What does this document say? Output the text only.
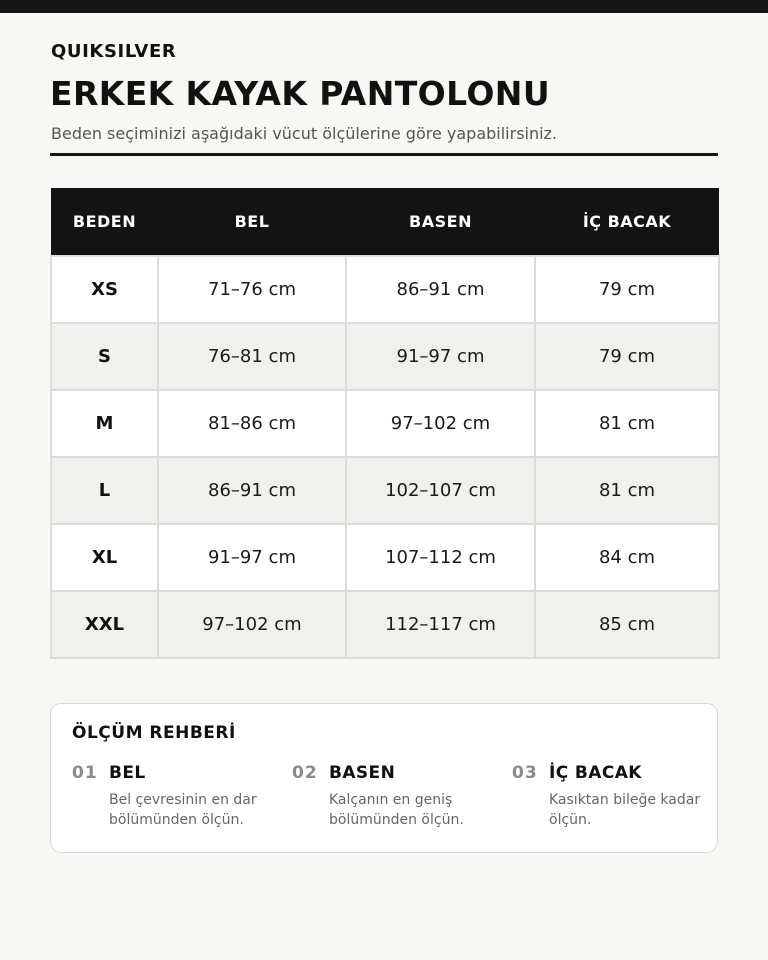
QUIKSILVER
ERKEK KAYAK PANTOLONU
Beden seçiminizi aşağıdaki vücut ölçülerine göre yapabilirsiniz.
BEDEN	BEL	BASEN	İÇ BACAK
XS	71–76 cm	86–91 cm	79 cm
S	76–81 cm	91–97 cm	79 cm
M	81–86 cm	97–102 cm	81 cm
L	86–91 cm	102–107 cm	81 cm
XL	91–97 cm	107–112 cm	84 cm
XXL	97–102 cm	112–117 cm	85 cm
ÖLÇÜM REHBERİ
01 BEL
Bel çevresinin en dar bölümünden ölçün.
02 BASEN
Kalçanın en geniş bölümünden ölçün.
03 İÇ BACAK
Kasıktan bileğe kadar ölçün.
